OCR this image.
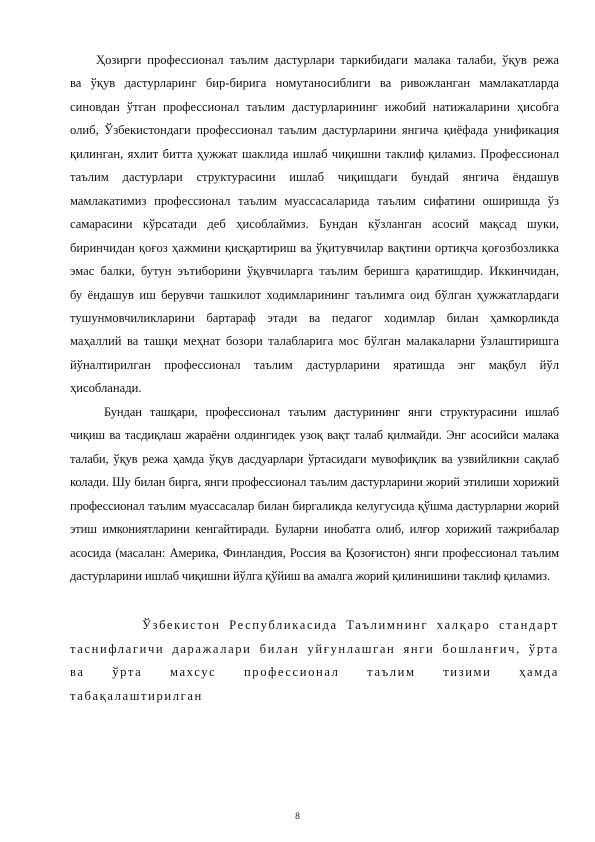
Ҳозирги професcионал таълим дастурлари таркибидаги малака талаби, ўқув режа ва ўқув дастурларинг бир-бирига номутаносиблиги ва ривожланган мамлакатларда синовдан ўтган профессионал таълим дастурларининг ижобий натижаларини ҳисобга олиб, Ўзбекистондаги профессионал таълим дастурларини янгича қиёфада унификация қилинган, яхлит битта ҳужжат шаклида ишлаб чиқишни таклиф қиламиз. Профессионал таълим дастурлари структурасини ишлаб чиқишдаги бундай янгича ёндашув мамлакатимиз профессионал таълим муассасаларида таълим сифатини оширишда ўз самарасини кўрсатади деб ҳисоблаймиз. Бундан кўзланган асосий мақсад шуки, биринчидан қоғоз ҳажмини қисқартириш ва ўқитувчилар вақтини ортиқча қоғозбозликка эмас балки, бутун эътиборини ўқувчиларга таълим беришга қаратишдир. Иккинчидан, бу ёндашув иш берувчи ташкилот ходимларининг таълимга оид бўлган ҳужжатлардаги тушунмовчиликларини бартараф этади ва педагог ходимлар билан ҳамкорликда маҳаллий ва ташқи меҳнат бозори талабларига мос бўлган малакаларни ўзлаштиришга йўналтирилган профессионал таълим дастурларини яратишда энг мақбул йўл ҳисобланади.

Бундан ташқари, профессионал таълим дастурининг янги структурасини ишлаб чиқиш ва тасдиқлаш жараёни олдингидек узоқ вақт талаб қилмайди. Энг асосийси малака талаби, ўқув режа ҳамда ўқув дасдуарлари ўртасидаги мувофиқлик ва узвийликни сақлаб колади. Шу билан бирга, янги профессионал таълим дастурларини жорий этилиши хорижий профессионал таълим муассасалар билан биргаликда келугусида қўшма дастурларни жорий этиш имкониятларини кенгайтиради. Буларни инобатга олиб, илғор хорижий тажрибалар асосида (масалан: Америка, Финландия, Россия ва Қозоғистон) янги профессионал таълим дастурларини ишлаб чиқишни йўлга қўйиш ва амалга жорий қилинишини таклиф қиламиз.

Ўзбекистон Республикасида Таълимнинг халқаро стандарт таснифлагичи даражалари билан уйғунлашган янги бошланғич, ўрта ва ўрта махсус профессионал таълим тизими ҳамда табақалаштирилган

8
